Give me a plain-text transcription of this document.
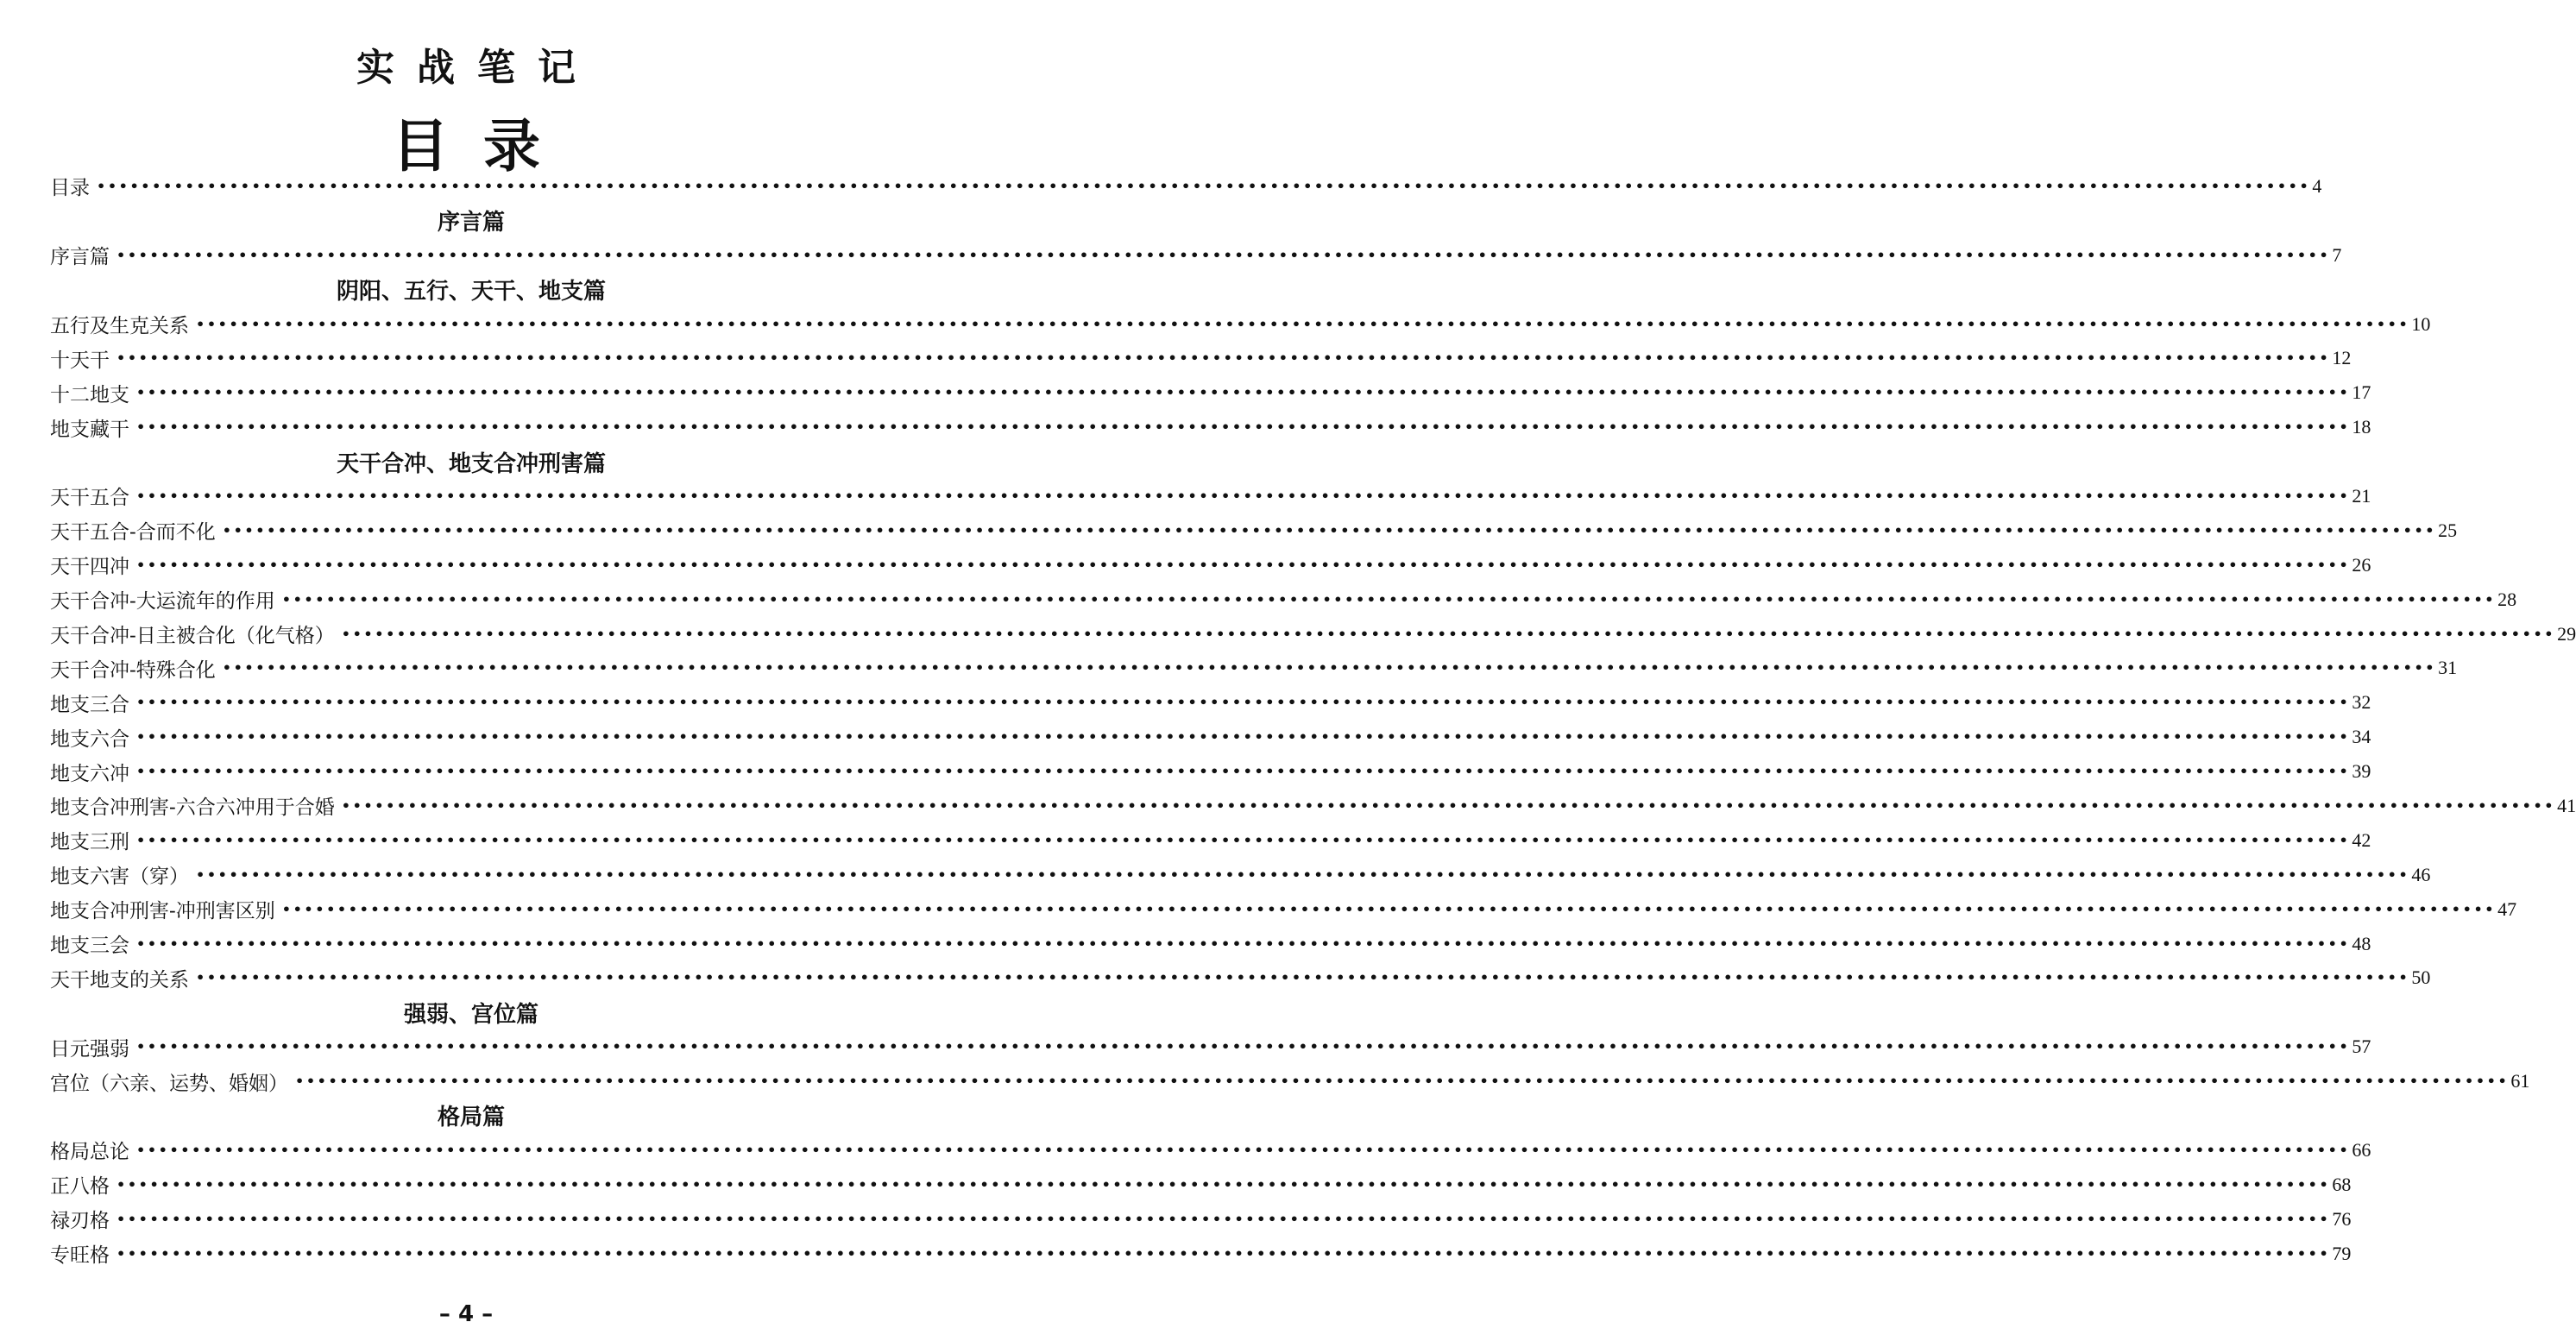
实战笔记
目录
目录 •••••••••••••••••••••••••••••••••••••••••••••••••••••••••••••••••••••••••••••••••••••••••••••••••••••••••••••••••••••••••••••••••••••••••••••••••••••••••••••••••••••••••••••••••••••••••••••••••••••••• 4
序言篇
序言篇 •••••••••••••••••••••••••••••••••••••••••••••••••••••••••••••••••••••••••••••••••••••••••••••••••••••••••••••••••••••••••••••••••••••••••••••••••••••••••••••••••••••••••••••••••••••••••••••••••••••••• 7
阴阳、五行、天干、地支篇
五行及生克关系 •••••••••••••••••••••••••••••••••••••••••••••••••••••••••••••••••••••••••••••••••••••••••••••••••••••••••••••••••••••••••••••••••••••••••••••••••••••••••••••••••••••••••••••••••••••••••••••••••••••••• 10
十天干 •••••••••••••••••••••••••••••••••••••••••••••••••••••••••••••••••••••••••••••••••••••••••••••••••••••••••••••••••••••••••••••••••••••••••••••••••••••••••••••••••••••••••••••••••••••••••••••••••••••••• 12
十二地支 •••••••••••••••••••••••••••••••••••••••••••••••••••••••••••••••••••••••••••••••••••••••••••••••••••••••••••••••••••••••••••••••••••••••••••••••••••••••••••••••••••••••••••••••••••••••••••••••••••••••• 17
地支藏干 •••••••••••••••••••••••••••••••••••••••••••••••••••••••••••••••••••••••••••••••••••••••••••••••••••••••••••••••••••••••••••••••••••••••••••••••••••••••••••••••••••••••••••••••••••••••••••••••••••••••• 18
天干合冲、地支合冲刑害篇
天干五合 •••••••••••••••••••••••••••••••••••••••••••••••••••••••••••••••••••••••••••••••••••••••••••••••••••••••••••••••••••••••••••••••••••••••••••••••••••••••••••••••••••••••••••••••••••••••••••••••••••••••• 21
天干五合-合而不化 •••••••••••••••••••••••••••••••••••••••••••••••••••••••••••••••••••••••••••••••••••••••••••••••••••••••••••••••••••••••••••••••••••••••••••••••••••••••••••••••••••••••••••••••••••••••••••••••••••••••• 25
天干四冲 •••••••••••••••••••••••••••••••••••••••••••••••••••••••••••••••••••••••••••••••••••••••••••••••••••••••••••••••••••••••••••••••••••••••••••••••••••••••••••••••••••••••••••••••••••••••••••••••••••••••• 26
天干合冲-大运流年的作用 •••••••••••••••••••••••••••••••••••••••••••••••••••••••••••••••••••••••••••••••••••••••••••••••••••••••••••••••••••••••••••••••••••••••••••••••••••••••••••••••••••••••••••••••••••••••••••••••••••••••• 28
天干合冲-日主被合化（化气格） •••••••••••••••••••••••••••••••••••••••••••••••••••••••••••••••••••••••••••••••••••••••••••••••••••••••••••••••••••••••••••••••••••••••••••••••••••••••••••••••••••••••••••••••••••••••••••••••••••••••• 29
天干合冲-特殊合化 •••••••••••••••••••••••••••••••••••••••••••••••••••••••••••••••••••••••••••••••••••••••••••••••••••••••••••••••••••••••••••••••••••••••••••••••••••••••••••••••••••••••••••••••••••••••••••••••••••••••• 31
地支三合 •••••••••••••••••••••••••••••••••••••••••••••••••••••••••••••••••••••••••••••••••••••••••••••••••••••••••••••••••••••••••••••••••••••••••••••••••••••••••••••••••••••••••••••••••••••••••••••••••••••••• 32
地支六合 •••••••••••••••••••••••••••••••••••••••••••••••••••••••••••••••••••••••••••••••••••••••••••••••••••••••••••••••••••••••••••••••••••••••••••••••••••••••••••••••••••••••••••••••••••••••••••••••••••••••• 34
地支六冲 •••••••••••••••••••••••••••••••••••••••••••••••••••••••••••••••••••••••••••••••••••••••••••••••••••••••••••••••••••••••••••••••••••••••••••••••••••••••••••••••••••••••••••••••••••••••••••••••••••••••• 39
地支合冲刑害-六合六冲用于合婚 •••••••••••••••••••••••••••••••••••••••••••••••••••••••••••••••••••••••••••••••••••••••••••••••••••••••••••••••••••••••••••••••••••••••••••••••••••••••••••••••••••••••••••••••••••••••••••••••••••••••• 41
地支三刑 •••••••••••••••••••••••••••••••••••••••••••••••••••••••••••••••••••••••••••••••••••••••••••••••••••••••••••••••••••••••••••••••••••••••••••••••••••••••••••••••••••••••••••••••••••••••••••••••••••••••• 42
地支六害（穿） •••••••••••••••••••••••••••••••••••••••••••••••••••••••••••••••••••••••••••••••••••••••••••••••••••••••••••••••••••••••••••••••••••••••••••••••••••••••••••••••••••••••••••••••••••••••••••••••••••••••• 46
地支合冲刑害-冲刑害区别 •••••••••••••••••••••••••••••••••••••••••••••••••••••••••••••••••••••••••••••••••••••••••••••••••••••••••••••••••••••••••••••••••••••••••••••••••••••••••••••••••••••••••••••••••••••••••••••••••••••••• 47
地支三会 •••••••••••••••••••••••••••••••••••••••••••••••••••••••••••••••••••••••••••••••••••••••••••••••••••••••••••••••••••••••••••••••••••••••••••••••••••••••••••••••••••••••••••••••••••••••••••••••••••••••• 48
天干地支的关系 •••••••••••••••••••••••••••••••••••••••••••••••••••••••••••••••••••••••••••••••••••••••••••••••••••••••••••••••••••••••••••••••••••••••••••••••••••••••••••••••••••••••••••••••••••••••••••••••••••••••• 50
强弱、宫位篇
日元强弱 •••••••••••••••••••••••••••••••••••••••••••••••••••••••••••••••••••••••••••••••••••••••••••••••••••••••••••••••••••••••••••••••••••••••••••••••••••••••••••••••••••••••••••••••••••••••••••••••••••••••• 57
宫位（六亲、运势、婚姻） •••••••••••••••••••••••••••••••••••••••••••••••••••••••••••••••••••••••••••••••••••••••••••••••••••••••••••••••••••••••••••••••••••••••••••••••••••••••••••••••••••••••••••••••••••••••••••••••••••••••• 61
格局篇
格局总论 •••••••••••••••••••••••••••••••••••••••••••••••••••••••••••••••••••••••••••••••••••••••••••••••••••••••••••••••••••••••••••••••••••••••••••••••••••••••••••••••••••••••••••••••••••••••••••••••••••••••• 66
正八格 •••••••••••••••••••••••••••••••••••••••••••••••••••••••••••••••••••••••••••••••••••••••••••••••••••••••••••••••••••••••••••••••••••••••••••••••••••••••••••••••••••••••••••••••••••••••••••••••••••••••• 68
禄刃格 •••••••••••••••••••••••••••••••••••••••••••••••••••••••••••••••••••••••••••••••••••••••••••••••••••••••••••••••••••••••••••••••••••••••••••••••••••••••••••••••••••••••••••••••••••••••••••••••••••••••• 76
专旺格 •••••••••••••••••••••••••••••••••••••••••••••••••••••••••••••••••••••••••••••••••••••••••••••••••••••••••••••••••••••••••••••••••••••••••••••••••••••••••••••••••••••••••••••••••••••••••••••••••••••••• 79
– 4 –
